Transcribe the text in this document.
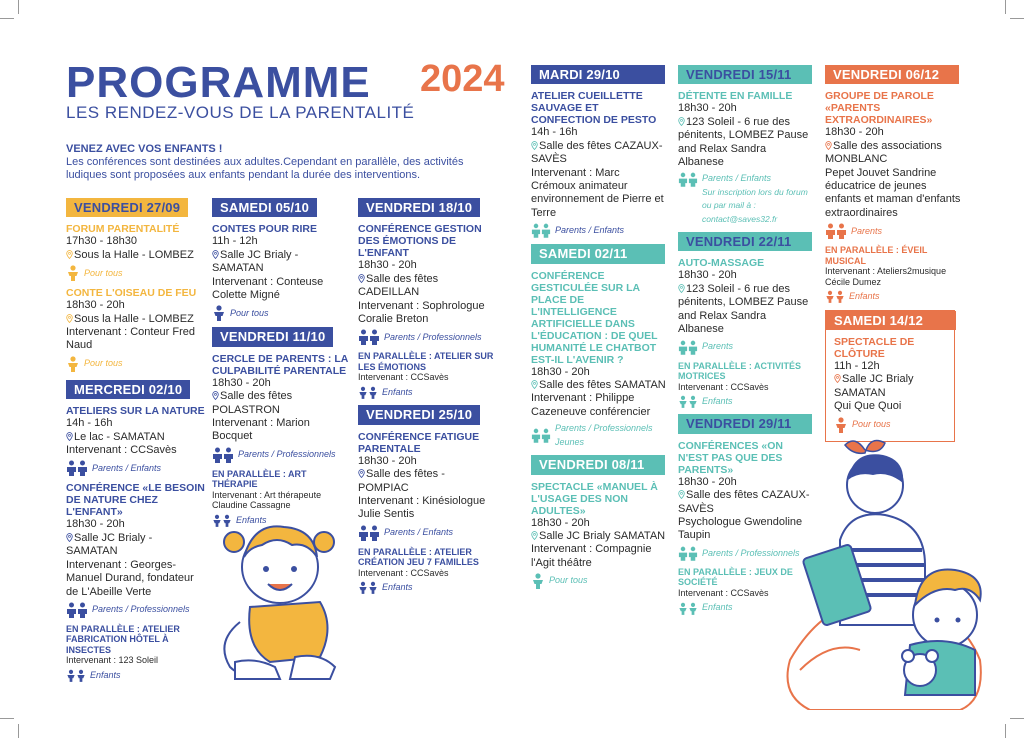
PROGRAMME 2024
LES RENDEZ-VOUS DE LA PARENTALITÉ
VENEZ AVEC VOS ENFANTS !
Les conférences sont destinées aux adultes.Cependant en parallèle, des activités ludiques sont proposées aux enfants pendant la durée des interventions.
VENDREDI 27/09
FORUM PARENTALITÉ
17h30 - 18h30
Sous la Halle - LOMBEZ
Pour tous
CONTE L'OISEAU DE FEU
18h30 - 20h
Sous la Halle - LOMBEZ
Intervenant : Conteur Fred Naud
Pour tous
MERCREDI 02/10
ATELIERS SUR LA NATURE
14h - 16h
Le lac - SAMATAN
Intervenant : CCSavès
Parents / Enfants
CONFÉRENCE «LE BESOIN DE NATURE CHEZ L'ENFANT»
18h30 - 20h
Salle JC Brialy - SAMATAN
Intervenant : Georges-Manuel Durand, fondateur de L'Abeille Verte
Parents / Professionnels
EN PARALLÈLE : ATELIER FABRICATION HÔTEL À INSECTES
Intervenant : 123 Soleil
Enfants
SAMEDI 05/10
CONTES POUR RIRE
11h - 12h
Salle JC Brialy - SAMATAN
Intervenant : Conteuse Colette Migné
Pour tous
VENDREDI 11/10
CERCLE DE PARENTS : LA CULPABILITÉ PARENTALE
18h30 - 20h
Salle des fêtes POLASTRON
Intervenant : Marion Bocquet
Parents / Professionnels
EN PARALLÈLE : ART THÉRAPIE
Intervenant : Art thérapeute Claudine Cassagne
Enfants
VENDREDI 18/10
CONFÉRENCE GESTION DES ÉMOTIONS DE L'ENFANT
18h30 - 20h
Salle des fêtes CADEILLAN
Intervenant : Sophrologue Coralie Breton
Parents / Professionnels
EN PARALLÈLE : ATELIER SUR LES ÉMOTIONS
Intervenant : CCSavès
Enfants
VENDREDI 25/10
CONFÉRENCE FATIGUE PARENTALE
18h30 - 20h
Salle des fêtes - POMPIAC
Intervenant : Kinésiologue Julie Sentis
Parents / Enfants
EN PARALLÈLE : ATELIER CRÉATION JEU 7 FAMILLES
Intervenant : CCSavès
Enfants
MARDI 29/10
ATELIER CUEILLETTE SAUVAGE ET CONFECTION DE PESTO
14h - 16h
Salle des fêtes CAZAUX-SAVÈS
Intervenant : Marc Crémoux animateur environnement de Pierre et Terre
Parents / Enfants
SAMEDI 02/11
CONFÉRENCE GESTICULÉE SUR LA PLACE DE L'INTELLIGENCE ARTIFICIELLE DANS L'ÉDUCATION : DE QUEL HUMANITÉ LE CHATBOT EST-IL L'AVENIR ?
18h30 - 20h
Salle des fêtes SAMATAN
Intervenant : Philippe Cazeneuve conférencier
Parents / Professionnels
Jeunes
VENDREDI 08/11
SPECTACLE «MANUEL À L'USAGE DES NON ADULTES»
18h30 - 20h
Salle JC Brialy SAMATAN
Intervenant : Compagnie l'Agit théâtre
Pour tous
VENDREDI 15/11
DÉTENTE EN FAMILLE
18h30 - 20h
123 Soleil - 6 rue des pénitents, LOMBEZ Pause and Relax Sandra Albanese
Parents / Enfants
Sur inscription lors du forum ou par mail à : contact@saves32.fr
VENDREDI 22/11
AUTO-MASSAGE
18h30 - 20h
123 Soleil - 6 rue des pénitents, LOMBEZ Pause and Relax Sandra Albanese
Parents
EN PARALLÈLE : ACTIVITÉS MOTRICES
Intervenant : CCSavès
Enfants
VENDREDI 29/11
CONFÉRENCES «ON N'EST PAS QUE DES PARENTS»
18h30 - 20h
Salle des fêtes CAZAUX-SAVÈS
Psychologue Gwendoline Taupin
Parents / Professionnels
EN PARALLÈLE : JEUX DE SOCIÉTÉ
Intervenant : CCSavès
Enfants
VENDREDI 06/12
GROUPE DE PAROLE «PARENTS EXTRAORDINAIRES»
18h30 - 20h
Salle des associations MONBLANC
Pepet Jouvet Sandrine éducatrice de jeunes enfants et maman d'enfants extraordinaires
Parents
EN PARALLÈLE : ÉVEIL MUSICAL
Intervenant : Ateliers2musique Cécile Dumez
Enfants
SAMEDI 14/12
SPECTACLE DE CLÔTURE
11h - 12h
Salle JC Brialy SAMATAN
Qui Que Quoi
Pour tous
